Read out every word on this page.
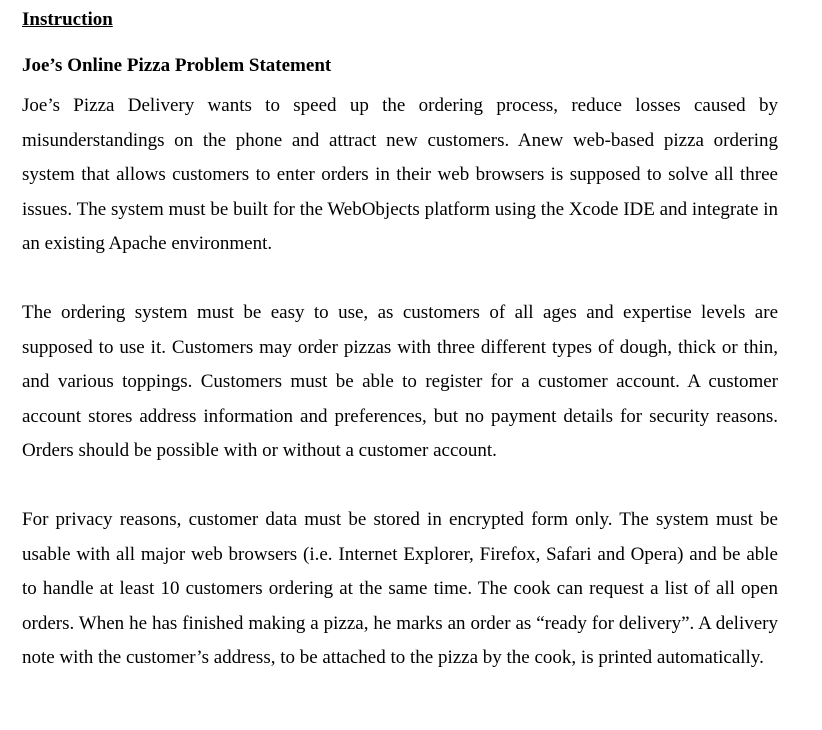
Instruction

Joe’s Online Pizza Problem Statement

Joe’s Pizza Delivery wants to speed up the ordering process, reduce losses caused by misunderstandings on the phone and attract new customers. Anew web-based pizza ordering system that allows customers to enter orders in their web browsers is supposed to solve all three issues. The system must be built for the WebObjects platform using the Xcode IDE and integrate in an existing Apache environment.

The ordering system must be easy to use, as customers of all ages and expertise levels are supposed to use it. Customers may order pizzas with three different types of dough, thick or thin, and various toppings. Customers must be able to register for a customer account. A customer account stores address information and preferences, but no payment details for security reasons. Orders should be possible with or without a customer account.

For privacy reasons, customer data must be stored in encrypted form only. The system must be usable with all major web browsers (i.e. Internet Explorer, Firefox, Safari and Opera) and be able to handle at least 10 customers ordering at the same time. The cook can request a list of all open orders. When he has finished making a pizza, he marks an order as “ready for delivery”. A delivery note with the customer’s address, to be attached to the pizza by the cook, is printed automatically.
